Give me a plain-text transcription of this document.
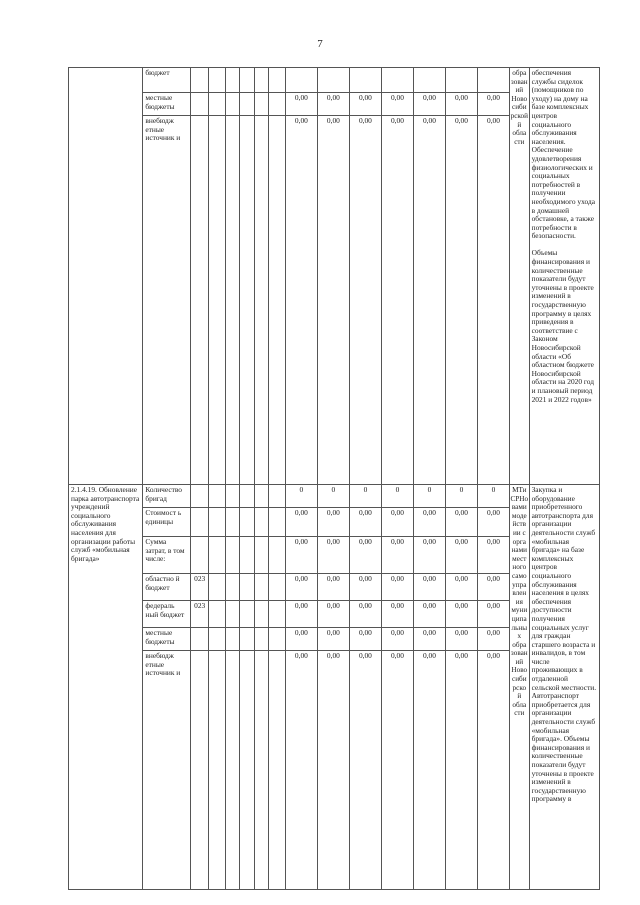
7
	бюджет														обра зован ий Ново сиби рской й обла сти	обеспечения службы сиделок (помощников по уходу) на дому на базе комплексных центров социального обслуживания населения. Обеспечение удовлетворения физиологических и социальных потребностей в получении необходимого ухода в домашней обстановке, а также потребности в безопасности.

Объемы финансирования и количественные показатели будут уточнены в проекте изменений в государственную программу в целях приведения в соответствие с Законом Новосибирской области «Об областном бюджете Новосибирской области на 2020 год и плановый период 2021 и 2022 годов»
	местные бюджеты							0,00	0,00	0,00	0,00	0,00	0,00	0,00		
	внебюдж етные источник и							0,00	0,00	0,00	0,00	0,00	0,00	0,00		
2.1.4.19. Обновление парка автотранспорта учреждений социального обслуживания населения для организации работы служб «мобильная бригада»	Количество бригад							0	0	0	0	0	0	0	МТиСРНо вами моде йств ии с орга нами мест ного само упра влен ия муни ципа льны х обра зован ий Ново сиби рско й обла сти	Закупка и оборудование приобретенного автотранспорта для организации деятельности служб «мобильная бригада» на базе комплексных центров социального обслуживания населения в целях обеспечения доступности получения социальных услуг для граждан старшего возраста и инвалидов, в том числе проживающих в отдаленной сельской местности. Автотранспорт приобретается для организации деятельности служб «мобильная бригада». Объемы финансирования и количественные показатели будут уточнены в проекте изменений в государственную программу в
	Стоимост ь единицы							0,00	0,00	0,00	0,00	0,00	0,00	0,00		
	Сумма затрат, в том числе:							0,00	0,00	0,00	0,00	0,00	0,00	0,00		
	областно й бюджет	023						0,00	0,00	0,00	0,00	0,00	0,00	0,00		
	федераль ный бюджет	023						0,00	0,00	0,00	0,00	0,00	0,00	0,00		
	местные бюджеты							0,00	0,00	0,00	0,00	0,00	0,00	0,00		
	внебюдж етные источник и							0,00	0,00	0,00	0,00	0,00	0,00	0,00		
